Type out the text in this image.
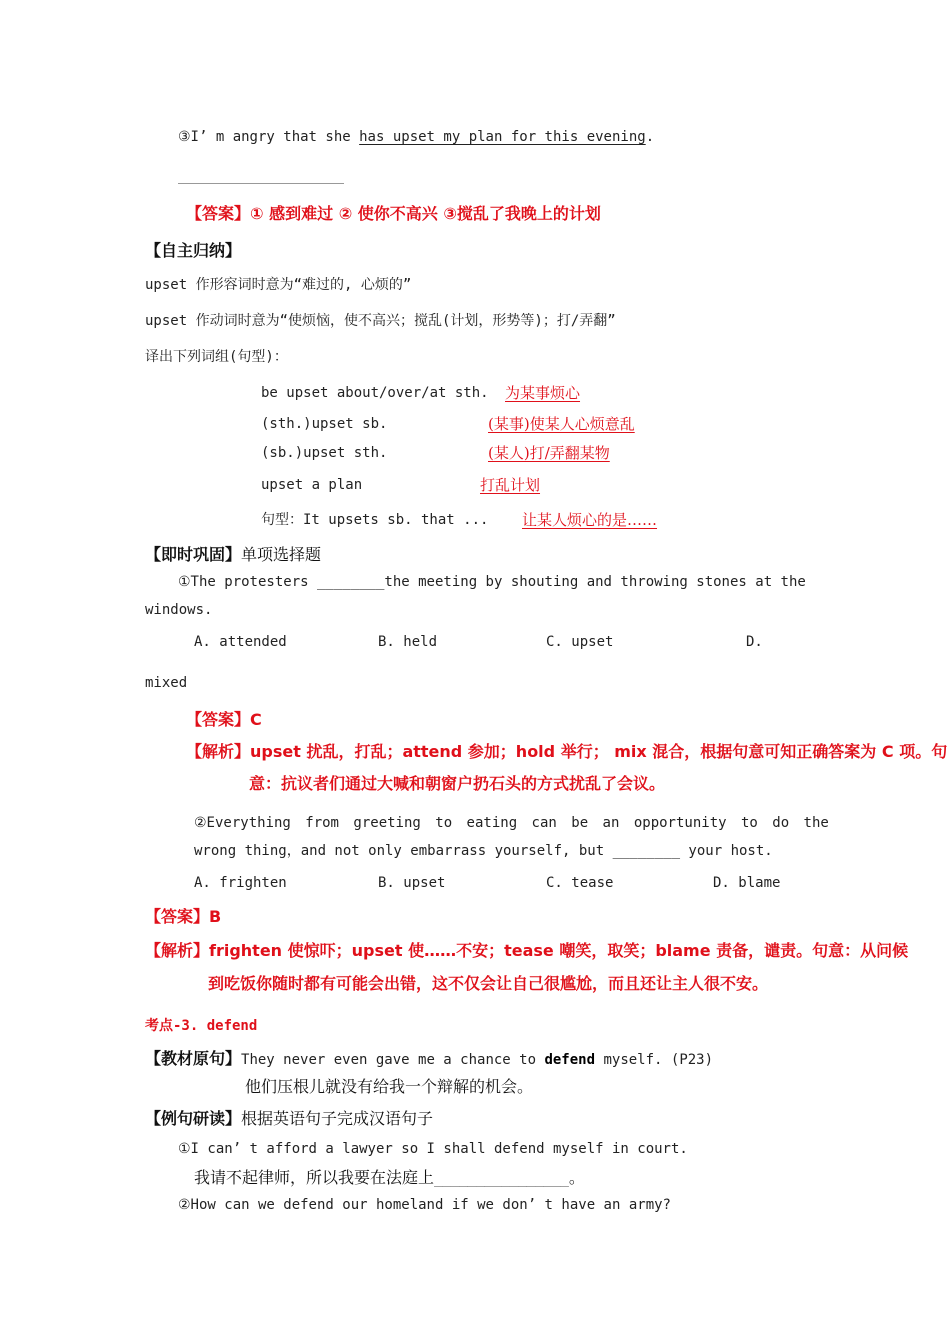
③I’ m angry that she has upset my plan for this evening.
【答案】① 感到难过 ② 使你不高兴 ③搅乱了我晚上的计划
【自主归纳】
upset 作形容词时意为“难过的, 心烦的”
upset 作动词时意为“使烦恼，使不高兴；搅乱(计划，形势等)；打/弄翻”
译出下列词组(句型)：
be upset about/over/at sth. 为某事烦心
(sth.)upset sb.	(某事)使某人心烦意乱
(sb.)upset sth.	(某人)打/弄翻某物
upset a plan	打乱计划
句型：It upsets sb. that ... 让某人烦心的是……
【即时巩固】单项选择题
①The protesters ________the meeting by shouting and throwing stones at the
windows.
A. attended	B. held	C. upset	D.
mixed
【答案】C
【解析】upset 扰乱，打乱；attend 参加；hold 举行； mix 混合，根据句意可知正确答案为 C 项。句
意：抗议者们通过大喊和朝窗户扔石头的方式扰乱了会议。
②Everything from greeting to eating can be an opportunity to do the
wrong thing，and not only embarrass yourself, but ________ your host.
A. frighten	B. upset	C. tease	D. blame
【答案】B
【解析】frighten 使惊吓；upset 使……不安；tease 嘲笑，取笑；blame 责备，谴责。句意：从问候
到吃饭你随时都有可能会出错，这不仅会让自己很尴尬，而且还让主人很不安。
考点-3. defend
【教材原句】They never even gave me a chance to defend myself. (P23)
他们压根儿就没有给我一个辩解的机会。
【例句研读】根据英语句子完成汉语句子
①I can’ t afford a lawyer so I shall defend myself in court.
我请不起律师，所以我要在法庭上________________。
②How can we defend our homeland if we don’ t have an army?
